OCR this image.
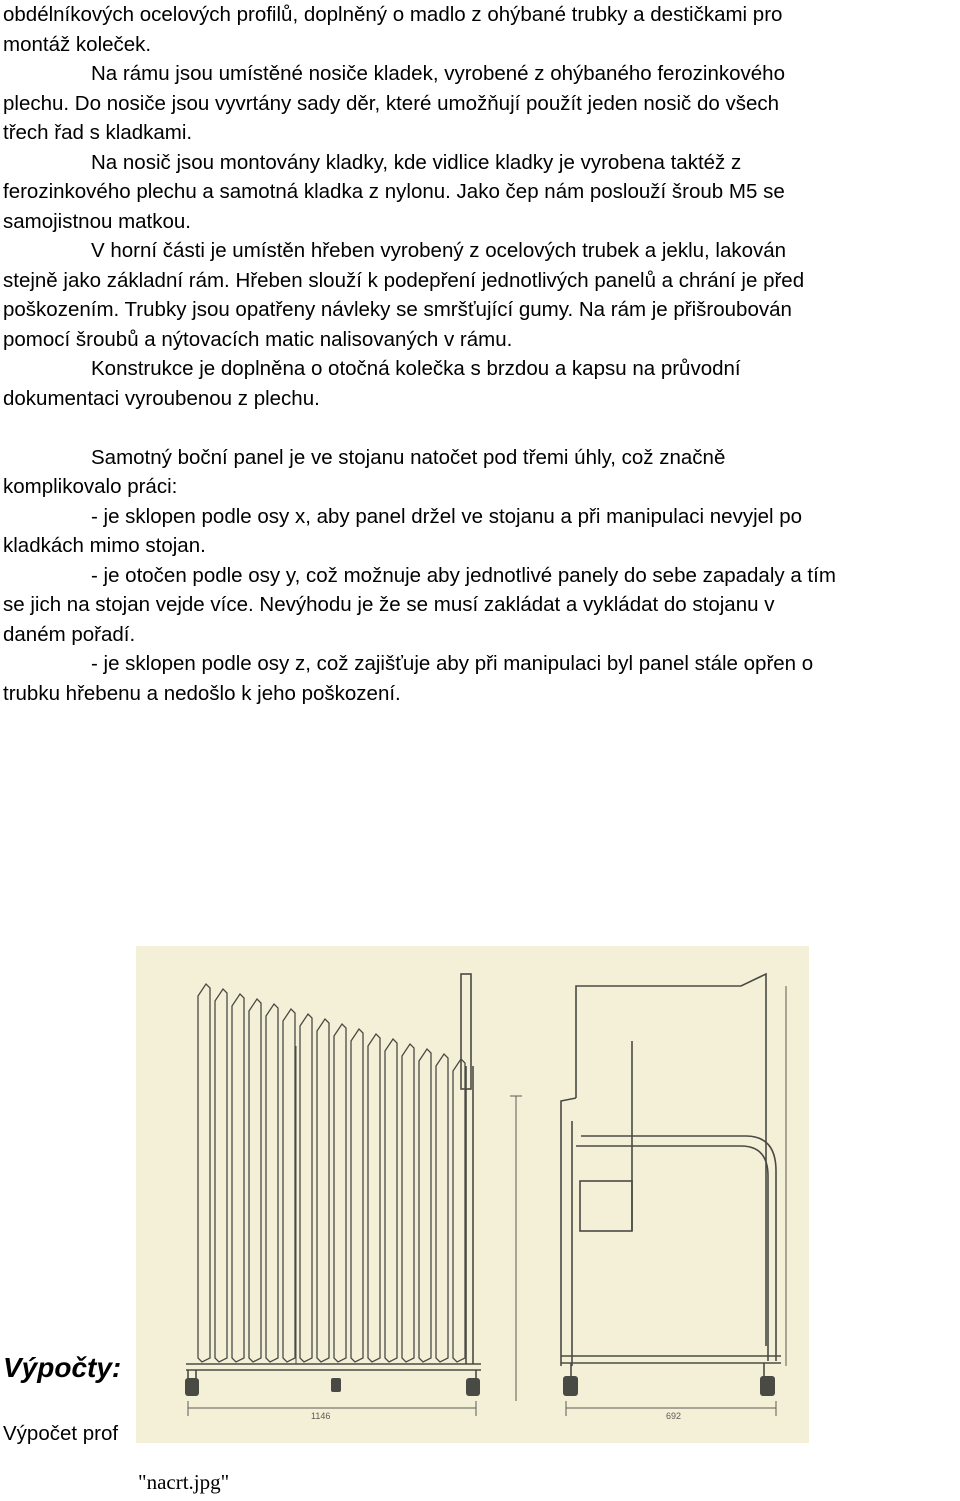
obdélníkových ocelových profilů, doplněný o madlo z ohýbané trubky a destičkami pro
montáž koleček.
Na rámu jsou umístěné nosiče kladek, vyrobené z ohýbaného ferozinkového
plechu. Do nosiče jsou vyvrtány sady děr, které umožňují použít jeden nosič do všech
třech řad s kladkami.
Na nosič jsou montovány kladky, kde vidlice kladky je vyrobena taktéž z
ferozinkového plechu a samotná kladka z nylonu. Jako čep nám poslouží šroub M5 se
samojistnou matkou.
V horní části je umístěn hřeben vyrobený z ocelových trubek a jeklu, lakován
stejně jako základní rám. Hřeben slouží k podepření jednotlivých panelů a chrání je před
poškozením. Trubky jsou opatřeny návleky se smršťující gumy. Na rám je přišroubován
pomocí šroubů a nýtovacích matic nalisovaných v rámu.
Konstrukce je doplněna o otočná kolečka s brzdou a kapsu na průvodní
dokumentaci vyroubenou z plechu.
Samotný boční panel je ve stojanu natočet pod třemi úhly, což značně
komplikovalo práci:
- je sklopen podle osy x, aby panel držel ve stojanu a při manipulaci nevyjel po
kladkách mimo stojan.
- je otočen podle osy y, což možnuje aby jednotlivé panely do sebe zapadaly a tím
se jich na stojan vejde více. Nevýhodu je že se musí zakládat a vykládat do stojanu v
daném pořadí.
- je sklopen podle osy z, což zajišťuje aby při manipulaci byl panel stále opřen o
trubku hřebenu a nedošlo k jeho poškození.
1146	692
Výpočty:
Výpočet prof
"nacrt.jpg"
